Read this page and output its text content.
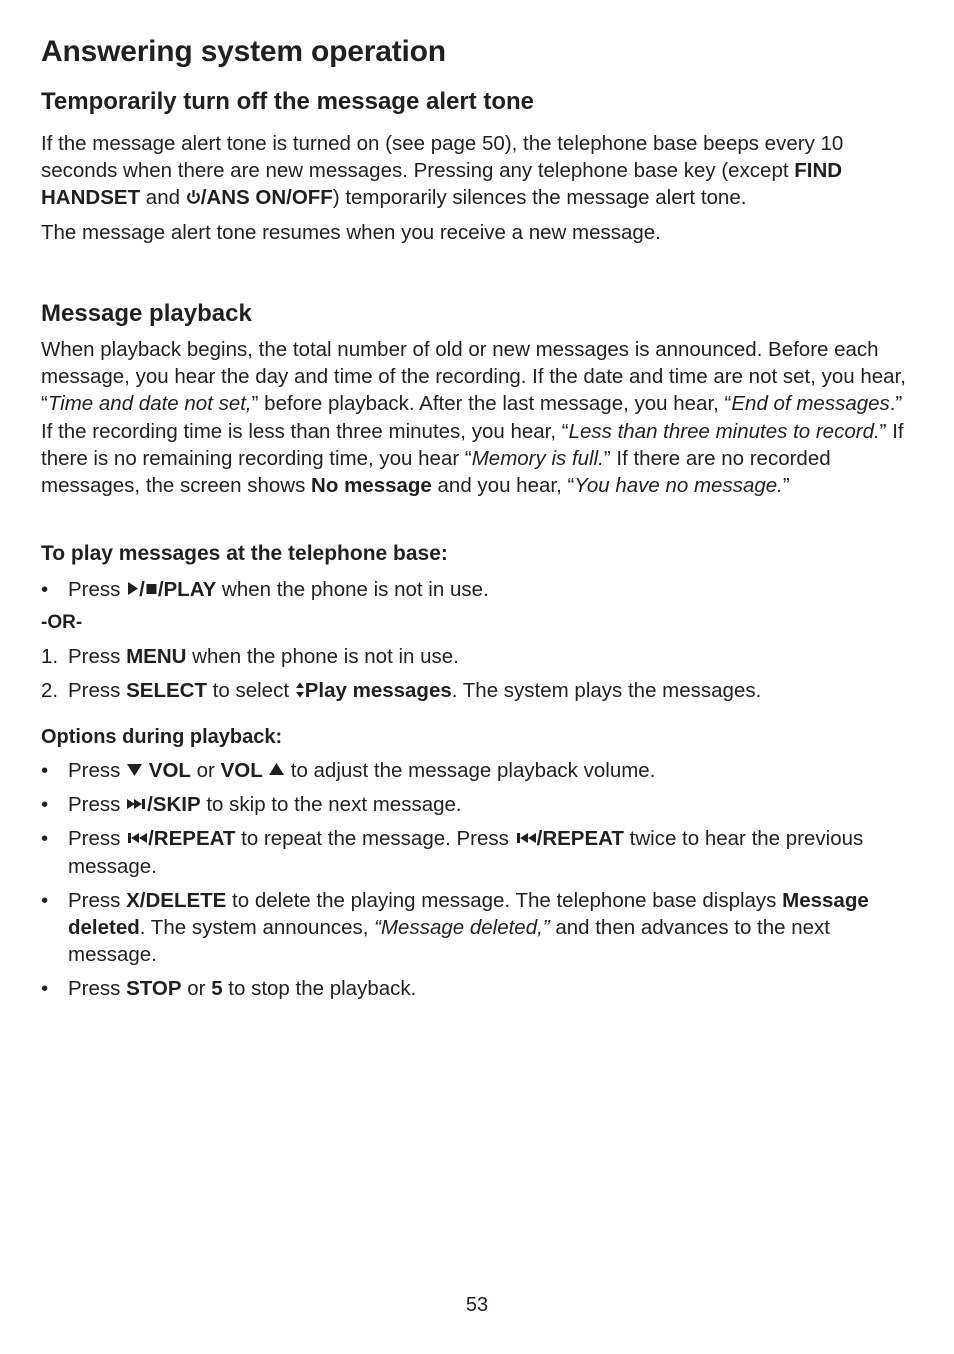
Answering system operation
Temporarily turn off the message alert tone

If the message alert tone is turned on (see page 50), the telephone base beeps every 10 seconds when there are new messages. Pressing any telephone base key (except FIND HANDSET and /ANS ON/OFF) temporarily silences the message alert tone.

The message alert tone resumes when you receive a new message.

Message playback

When playback begins, the total number of old or new messages is announced. Before each message, you hear the day and time of the recording. If the date and time are not set, you hear, “Time and date not set,” before playback. After the last message, you hear, “End of messages.” If the recording time is less than three minutes, you hear, “Less than three minutes to record.” If there is no remaining recording time, you hear “Memory is full.” If there are no recorded messages, the screen shows No message and you hear, “You have no message.”

To play messages at the telephone base:
• Press / /PLAY when the phone is not in use.

-OR-

1. Press MENU when the phone is not in use.
2. Press SELECT to select Play messages. The system plays the messages.
Options during playback:
• Press  VOL or VOL  to adjust the message playback volume.
• Press /SKIP to skip to the next message.
• Press /REPEAT to repeat the message. Press /REPEAT twice to hear the previous message.
• Press X/DELETE to delete the playing message. The telephone base displays Message deleted. The system announces, “Message deleted,” and then advances to the next message.
• Press STOP or 5 to stop the playback.
53
